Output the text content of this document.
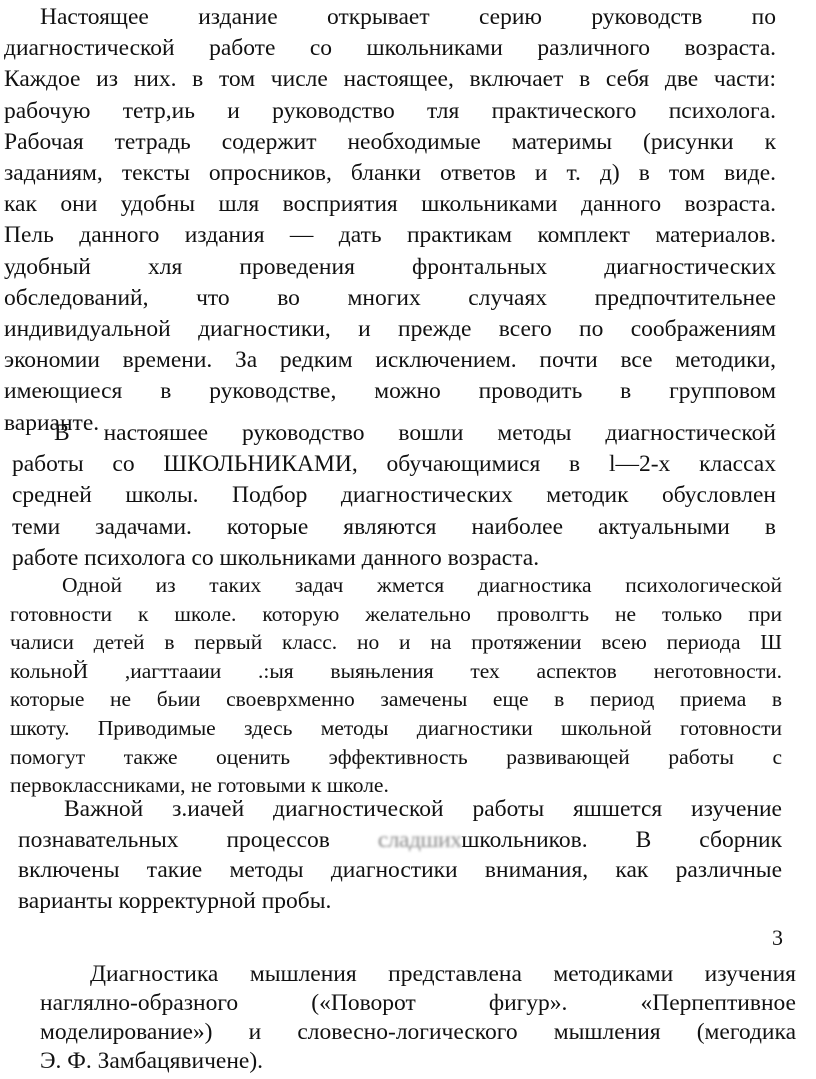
Настоящее издание открывает серию руководств по
диагностической работе со школьниками различного возраста.
Каждое из них. в том числе настоящее, включает в себя две части:
рабочую тетр,иь и руководство тля практического психолога.
Рабочая тетрадь содержит необходимые материмы (рисунки к
заданиям, тексты опросников, бланки ответов и т. д) в том виде.
как они удобны шля восприятия школьниками данного возраста.
Пель данного издания — дать практикам комплект материалов.
удобный хля проведения фронтальных диагностических
обследований, что во многих случаях предпочтительнее
индивидуальной диагностики, и прежде всего по соображениям
экономии времени. За редким исключением. почти все методики,
имеющиеся в руководстве, можно проводить в групповом
варианте.
В настояшее руководство вошли методы диагностической
работы со ШКОЛЬНИКАМИ, обучающимися в l—2-х классах
средней школы. Подбор диагностических методик обусловлен
теми задачами. которые являются наиболее актуальными в
работе психолога со школьниками данного возраста.
Одной из таких задач жмется диагностика психологической
готовности к школе. которую желательно проволгть не только при
чалиси детей в первый класс. но и на протяжении всею периода Ш
кольнoЙ ,иагттааии .:ыя выяњления тех аспектов неготовности.
которые не бьии своеврхменно замечены еще в период приема в
шкоту. Приводимые здесь методы диагностики школьной готовности
помогут также оценить эффективность развивающей работы с
первоклассниками, не готовыми к школе.
Важной з.иачей диагностической работы яшшется изучение
познавательных процессов сладшихшкольников. В сборник
включены такие методы диагностики внимания, как различные
варианты корректурной пробы.
3
Диагностика мышления представлена методиками изучения
наглялно-образного («Поворот фигур». «Перпептивное
моделирование») и словесно-логического мышления (мегодика
Э. Ф. Замбацявичене).
